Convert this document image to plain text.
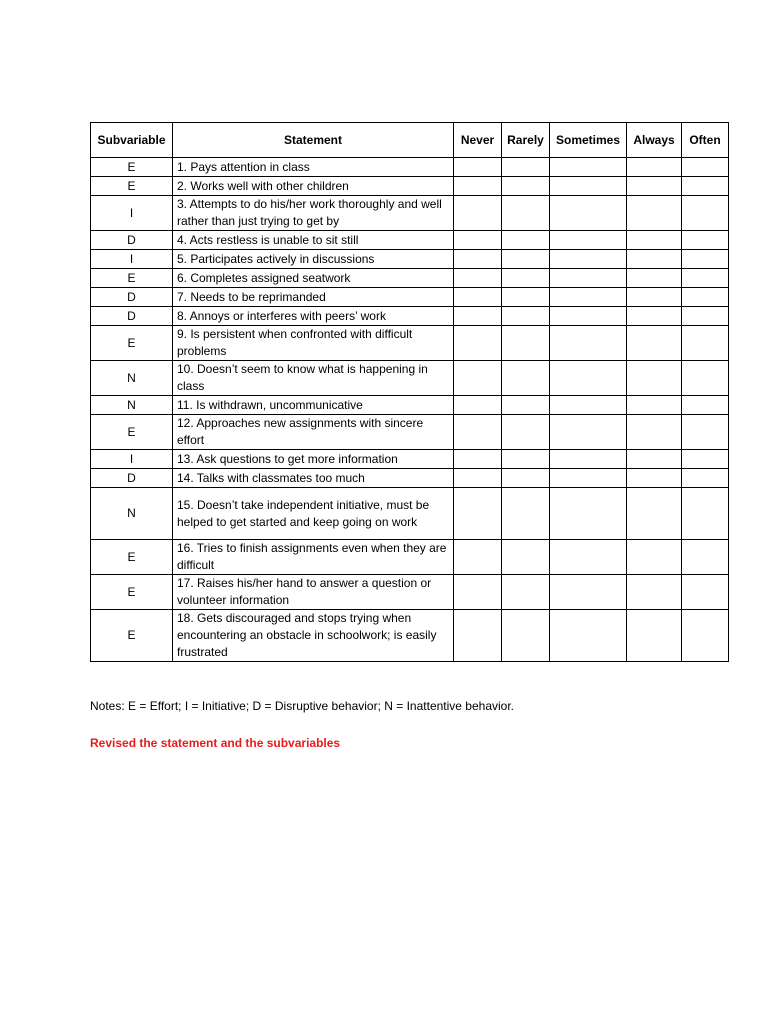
Subvariable	Statement	Never	Rarely	Sometimes	Always	Often
E	1. Pays attention in class					
E	2. Works well with other children					
I	3. Attempts to do his/her work thoroughly and well rather than just trying to get by					
D	4. Acts restless is unable to sit still					
I	5. Participates actively in discussions					
E	6. Completes assigned seatwork					
D	7. Needs to be reprimanded					
D	8. Annoys or interferes with peers’ work					
E	9. Is persistent when confronted with difficult problems					
N	10. Doesn’t seem to know what is happening in class					
N	11. Is withdrawn, uncommunicative					
E	12. Approaches new assignments with sincere effort					
I	13. Ask questions to get more information					
D	14. Talks with classmates too much					
N	15. Doesn’t take independent initiative, must be helped to get started and keep going on work					
E	16. Tries to finish assignments even when they are difficult					
E	17. Raises his/her hand to answer a question or volunteer information					
E	18. Gets discouraged and stops trying when encountering an obstacle in schoolwork; is easily frustrated					
Notes: E = Effort; I = Initiative; D = Disruptive behavior; N = Inattentive behavior.
Revised the statement and the subvariables
